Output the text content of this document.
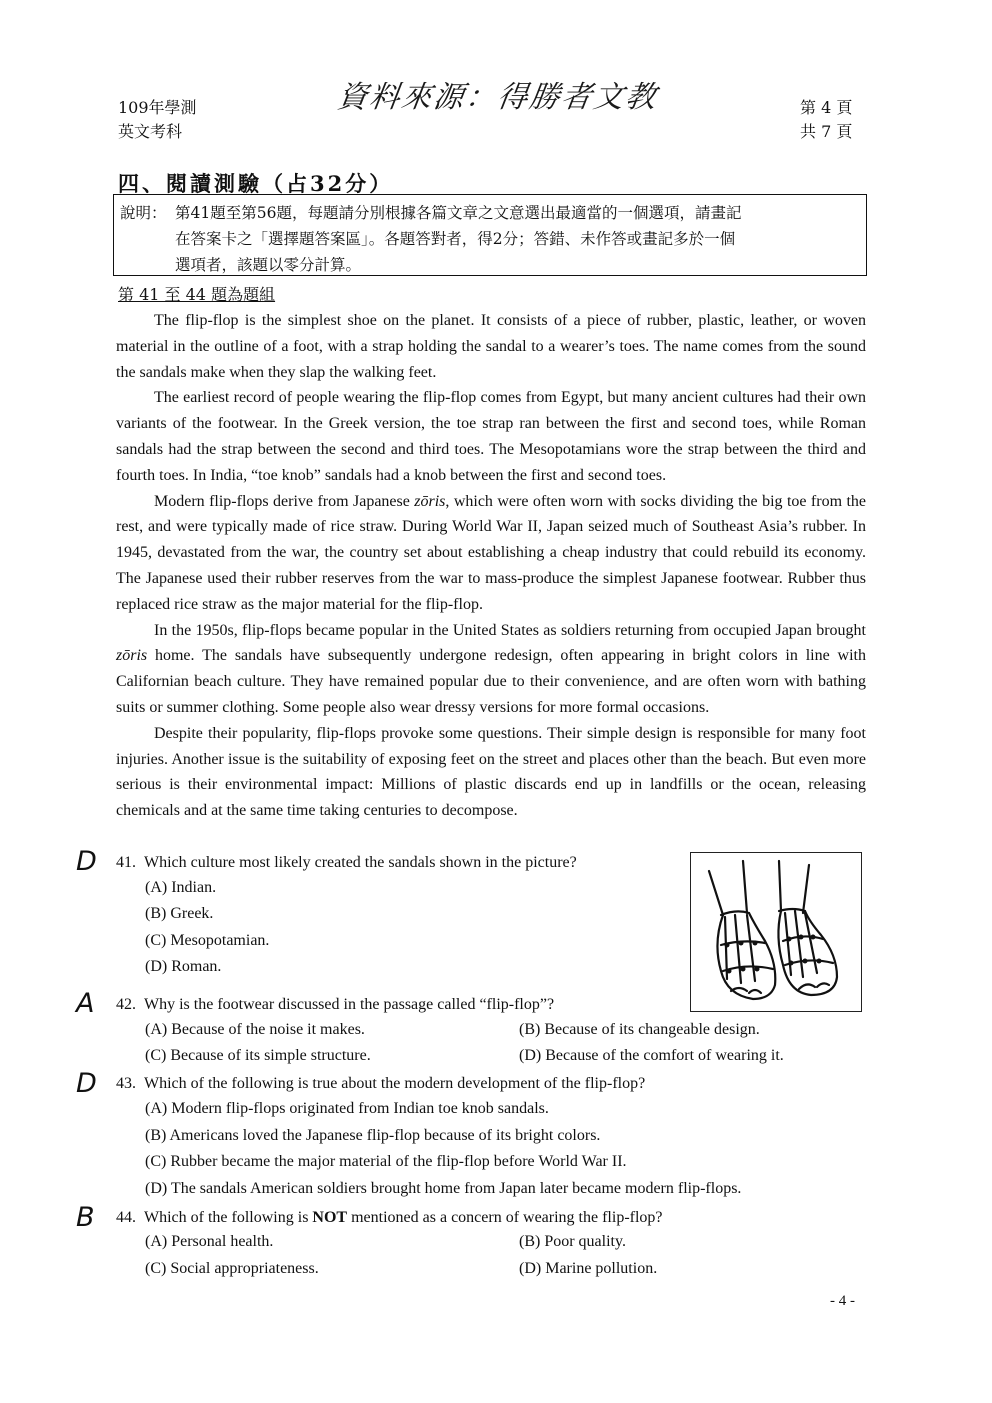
109年學測
英文考科
資料來源：得勝者文教	第 4 頁
共 7 頁
四、閱讀測驗（占32分）
說明： 第41題至第56題，每題請分別根據各篇文章之文意選出最適當的一個選項，請畫記
在答案卡之「選擇題答案區」。各題答對者，得2分；答錯、未作答或畫記多於一個
選項者，該題以零分計算。
第 41 至 44 題為題組

The flip-flop is the simplest shoe on the planet. It consists of a piece of rubber, plastic, leather, or woven material in the outline of a foot, with a strap holding the sandal to a wearer’s toes. The name comes from the sound the sandals make when they slap the walking feet.

The earliest record of people wearing the flip-flop comes from Egypt, but many ancient cultures had their own variants of the footwear. In the Greek version, the toe strap ran between the first and second toes, while Roman sandals had the strap between the second and third toes. The Mesopotamians wore the strap between the third and fourth toes. In India, “toe knob” sandals had a knob between the first and second toes.

Modern flip-flops derive from Japanese zōris, which were often worn with socks dividing the big toe from the rest, and were typically made of rice straw. During World War II, Japan seized much of Southeast Asia’s rubber. In 1945, devastated from the war, the country set about establishing a cheap industry that could rebuild its economy. The Japanese used their rubber reserves from the war to mass-produce the simplest Japanese footwear. Rubber thus replaced rice straw as the major material for the flip-flop.

In the 1950s, flip-flops became popular in the United States as soldiers returning from occupied Japan brought zōris home. The sandals have subsequently undergone redesign, often appearing in bright colors in line with Californian beach culture. They have remained popular due to their convenience, and are often worn with bathing suits or summer clothing. Some people also wear dressy versions for more formal occasions.

Despite their popularity, flip-flops provoke some questions. Their simple design is responsible for many foot injuries. Another issue is the suitability of exposing feet on the street and places other than the beach. But even more serious is their environmental impact: Millions of plastic discards end up in landfills or the ocean, releasing chemicals and at the same time taking centuries to decompose.

D 41. Which culture most likely created the sandals shown in the picture?
(A) Indian.
(B) Greek.
(C) Mesopotamian.
(D) Roman.
A 42. Why is the footwear discussed in the passage called “flip-flop”?
(A) Because of the noise it makes.	(B) Because of its changeable design.
(C) Because of its simple structure.	(D) Because of the comfort of wearing it.
D 43. Which of the following is true about the modern development of the flip-flop?
(A) Modern flip-flops originated from Indian toe knob sandals.
(B) Americans loved the Japanese flip-flop because of its bright colors.
(C) Rubber became the major material of the flip-flop before World War II.
(D) The sandals American soldiers brought home from Japan later became modern flip-flops.
B 44. Which of the following is NOT mentioned as a concern of wearing the flip-flop?
(A) Personal health.	(B) Poor quality.
(C) Social appropriateness.	(D) Marine pollution.
- 4 -
